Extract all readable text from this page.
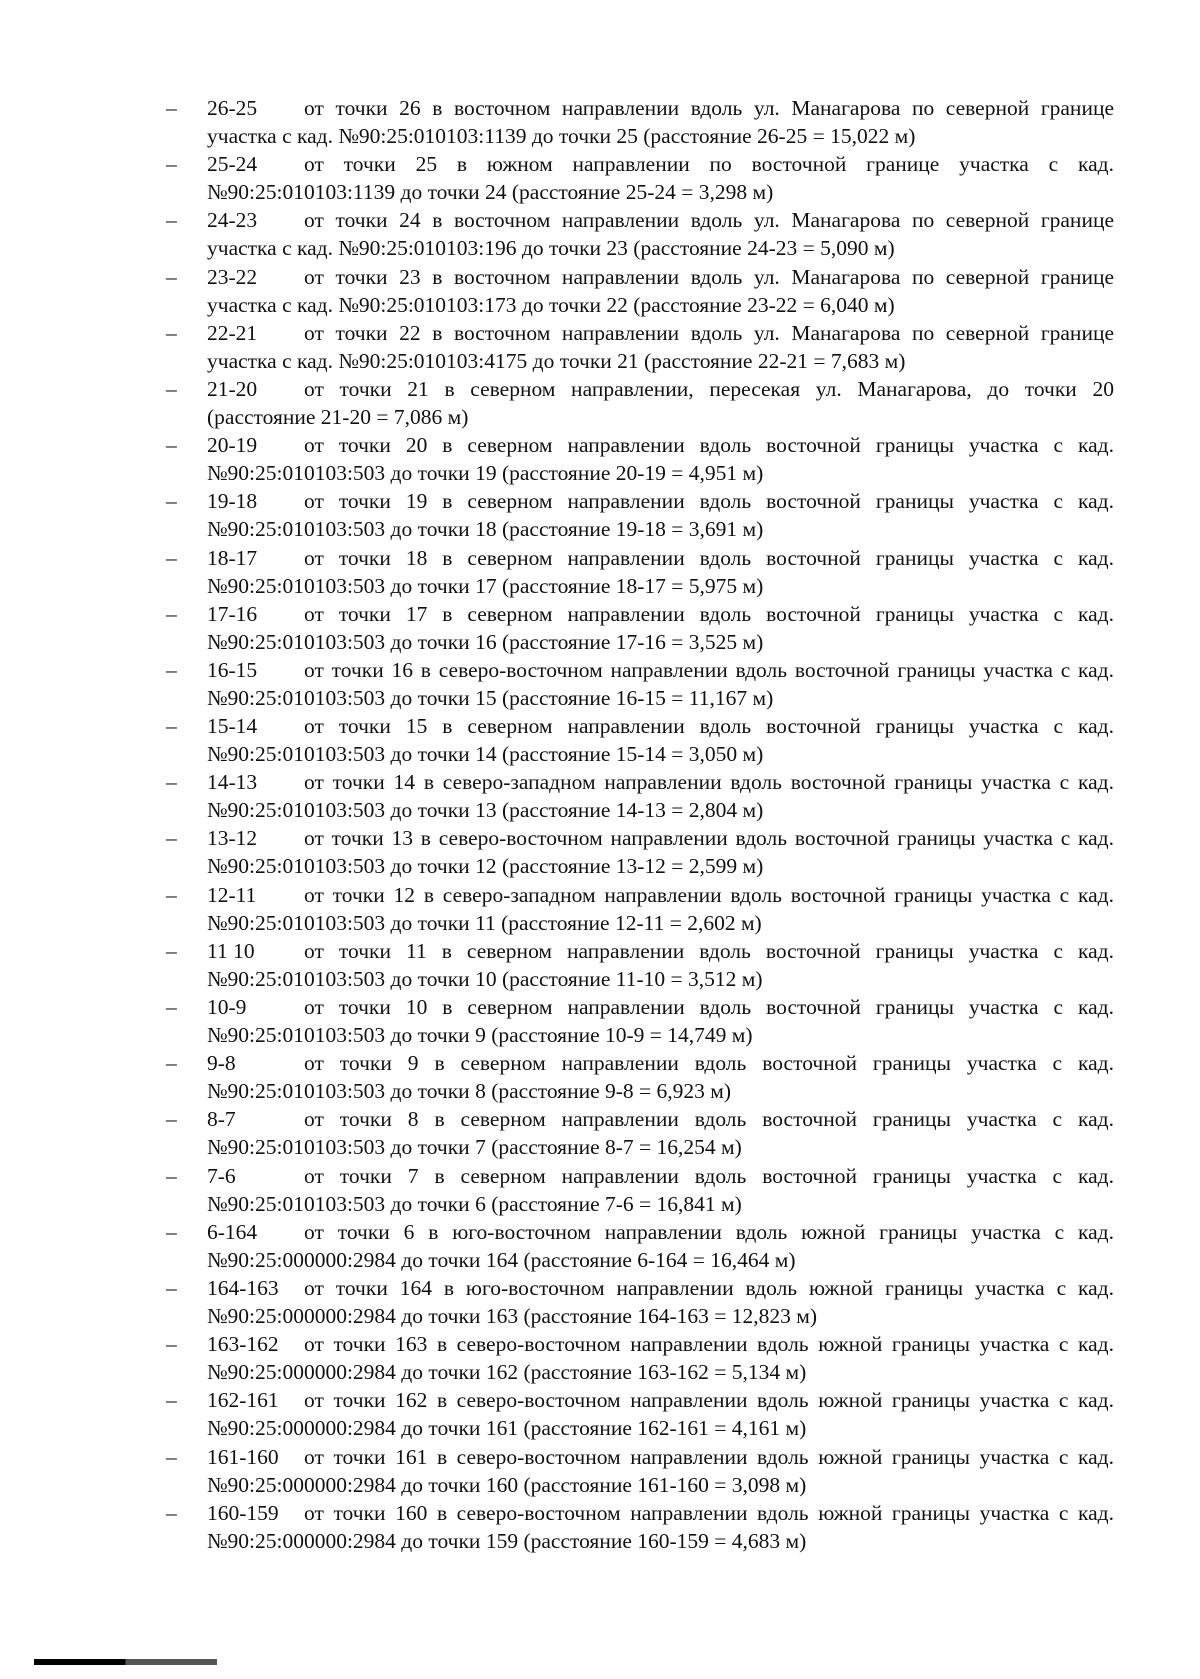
– 26-25 от точки 26 в восточном направлении вдоль ул. Манагарова по северной границе участка с кад. №90:25:010103:1139 до точки 25 (расстояние 26-25 = 15,022 м)
– 25-24 от точки 25 в южном направлении по восточной границе участка с кад. №90:25:010103:1139 до точки 24 (расстояние 25-24 = 3,298 м)
– 24-23 от точки 24 в восточном направлении вдоль ул. Манагарова по северной границе участка с кад. №90:25:010103:196 до точки 23 (расстояние 24-23 = 5,090 м)
– 23-22 от точки 23 в восточном направлении вдоль ул. Манагарова по северной границе участка с кад. №90:25:010103:173 до точки 22 (расстояние 23-22 = 6,040 м)
– 22-21 от точки 22 в восточном направлении вдоль ул. Манагарова по северной границе участка с кад. №90:25:010103:4175 до точки 21 (расстояние 22-21 = 7,683 м)
– 21-20 от точки 21 в северном направлении, пересекая ул. Манагарова, до точки 20 (расстояние 21-20 = 7,086 м)
– 20-19 от точки 20 в северном направлении вдоль восточной границы участка с кад. №90:25:010103:503 до точки 19 (расстояние 20-19 = 4,951 м)
– 19-18 от точки 19 в северном направлении вдоль восточной границы участка с кад. №90:25:010103:503 до точки 18 (расстояние 19-18 = 3,691 м)
– 18-17 от точки 18 в северном направлении вдоль восточной границы участка с кад. №90:25:010103:503 до точки 17 (расстояние 18-17 = 5,975 м)
– 17-16 от точки 17 в северном направлении вдоль восточной границы участка с кад. №90:25:010103:503 до точки 16 (расстояние 17-16 = 3,525 м)
– 16-15 от точки 16 в северо-восточном направлении вдоль восточной границы участка с кад. №90:25:010103:503 до точки 15 (расстояние 16-15 = 11,167 м)
– 15-14 от точки 15 в северном направлении вдоль восточной границы участка с кад. №90:25:010103:503 до точки 14 (расстояние 15-14 = 3,050 м)
– 14-13 от точки 14 в северо-западном направлении вдоль восточной границы участка с кад. №90:25:010103:503 до точки 13 (расстояние 14-13 = 2,804 м)
– 13-12 от точки 13 в северо-восточном направлении вдоль восточной границы участка с кад. №90:25:010103:503 до точки 12 (расстояние 13-12 = 2,599 м)
– 12-11 от точки 12 в северо-западном направлении вдоль восточной границы участка с кад. №90:25:010103:503 до точки 11 (расстояние 12-11 = 2,602 м)
– 11 10 от точки 11 в северном направлении вдоль восточной границы участка с кад. №90:25:010103:503 до точки 10 (расстояние 11-10 = 3,512 м)
– 10-9	от точки 10 в северном направлении вдоль восточной границы участка с кад. №90:25:010103:503 до точки 9 (расстояние 10-9 = 14,749 м)
– 9-8	от точки 9 в северном направлении вдоль восточной границы участка с кад. №90:25:010103:503 до точки 8 (расстояние 9-8 = 6,923 м)
– 8-7	от точки 8 в северном направлении вдоль восточной границы участка с кад. №90:25:010103:503 до точки 7 (расстояние 8-7 = 16,254 м)
– 7-6	от точки 7 в северном направлении вдоль восточной границы участка с кад. №90:25:010103:503 до точки 6 (расстояние 7-6 = 16,841 м)
– 6-164 от точки 6 в юго-восточном направлении вдоль южной границы участка с кад. №90:25:000000:2984 до точки 164 (расстояние 6-164 = 16,464 м)
– 164-163 от точки 164 в юго-восточном направлении вдоль южной границы участка с кад. №90:25:000000:2984 до точки 163 (расстояние 164-163 = 12,823 м)
– 163-162 от точки 163 в северо-восточном направлении вдоль южной границы участка с кад. №90:25:000000:2984 до точки 162 (расстояние 163-162 = 5,134 м)
– 162-161 от точки 162 в северо-восточном направлении вдоль южной границы участка с кад. №90:25:000000:2984 до точки 161 (расстояние 162-161 = 4,161 м)
– 161-160 от точки 161 в северо-восточном направлении вдоль южной границы участка с кад. №90:25:000000:2984 до точки 160 (расстояние 161-160 = 3,098 м)
– 160-159 от точки 160 в северо-восточном направлении вдоль южной границы участка с кад. №90:25:000000:2984 до точки 159 (расстояние 160-159 = 4,683 м)
